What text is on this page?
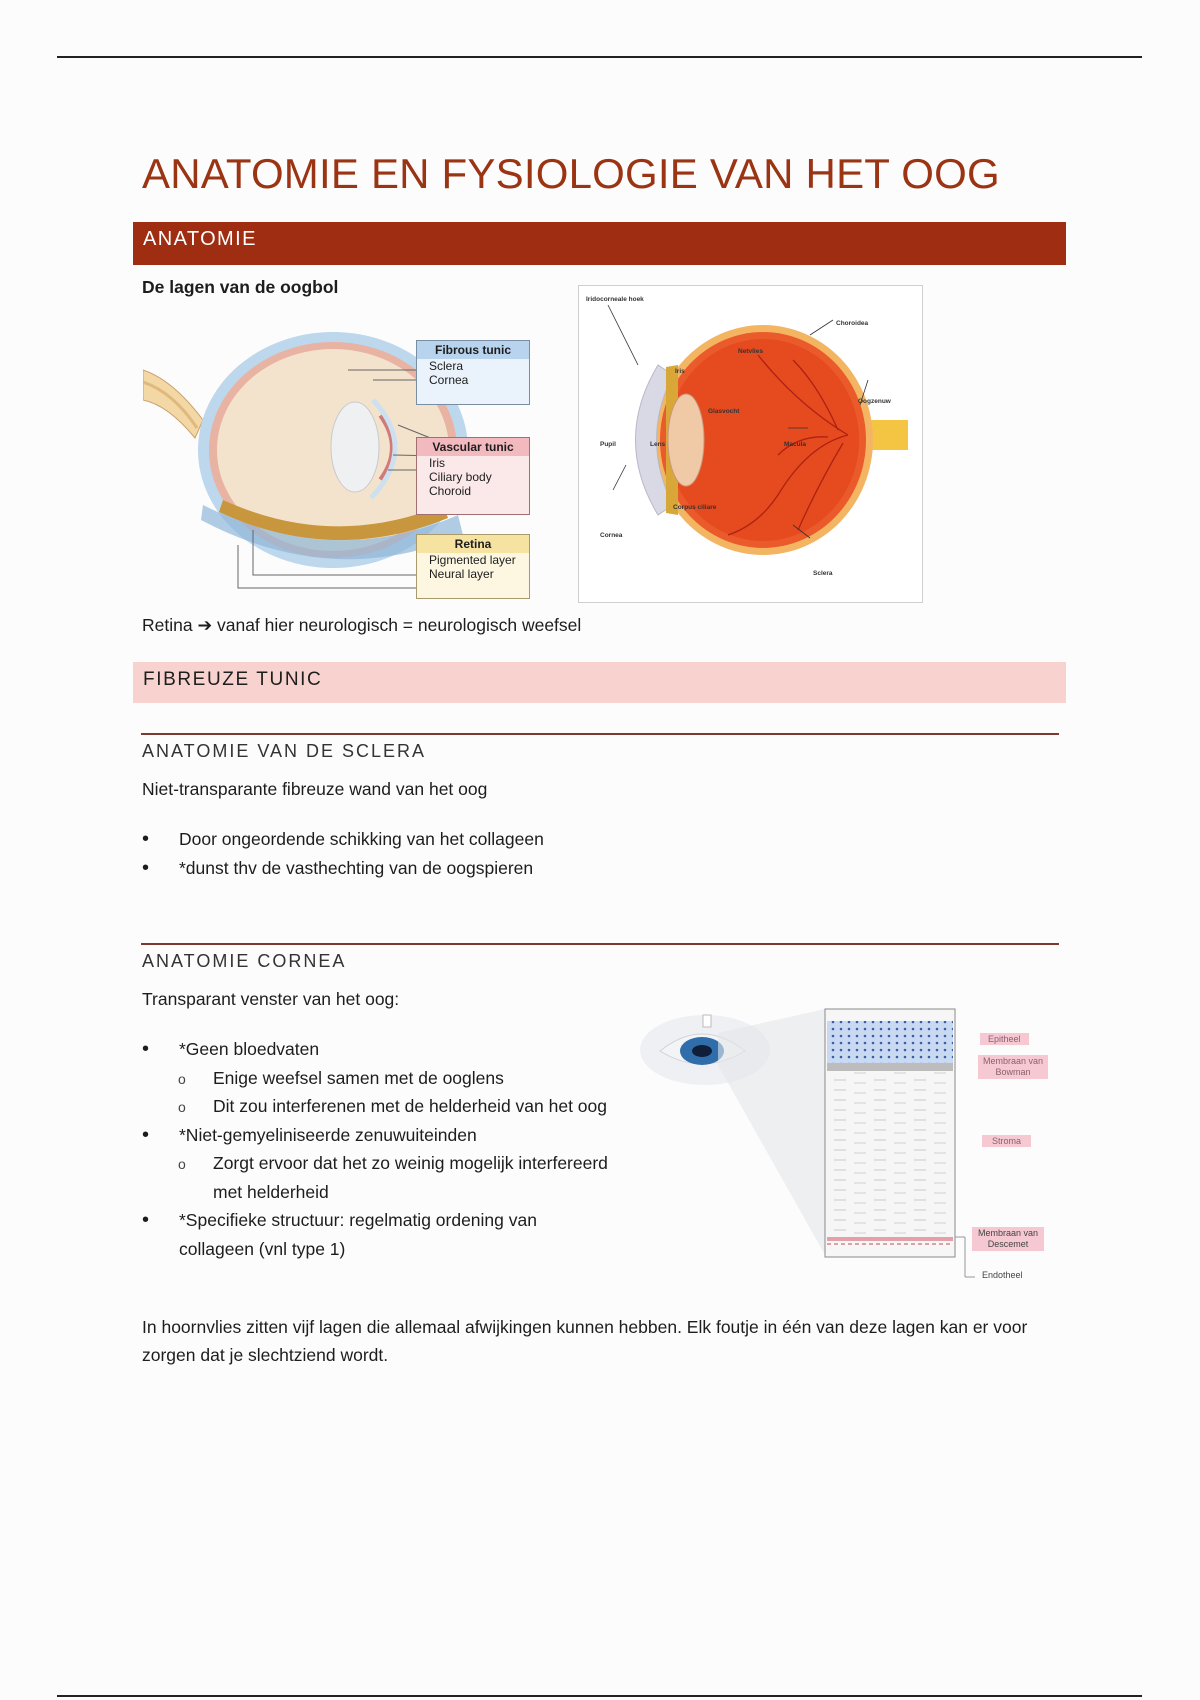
ANATOMIE EN FYSIOLOGIE VAN HET OOG
ANATOMIE

De lagen van de oogbol

Fibrous tunic
Sclera
Cornea
Vascular tunic
Iris
Ciliary body
Choroid
Retina
Pigmented layer
Neural layer
Iridocorneale hoek
Choroidea
Netvlies
Iris
Oogzenuw
Glasvocht
Pupil	Lens	Macula
Corpus ciliare
Cornea
Sclera

Retina ➔ vanaf hier neurologisch = neurologisch weefsel

FIBREUZE TUNIC
ANATOMIE VAN DE SCLERA

Niet-transparante fibreuze wand van het oog

• Door ongeordende schikking van het collageen
• *dunst thv de vasthechting van de oogspieren
ANATOMIE CORNEA

Transparant venster van het oog:

• *Geen bloedvaten
o Enige weefsel samen met de ooglens
o Dit zou interferenen met de helderheid van het oog
• *Niet-gemyeliniseerde zenuwuiteinden
o Zorgt ervoor dat het zo weinig mogelijk interfereerd met helderheid
• *Specifieke structuur: regelmatig ordening van collageen (vnl type 1)
Epitheel
Membraan van Bowman
Stroma
Membraan van Descemet
Endotheel

In hoornvlies zitten vijf lagen die allemaal afwijkingen kunnen hebben. Elk foutje in één van deze lagen kan er voor zorgen dat je slechtziend wordt.
